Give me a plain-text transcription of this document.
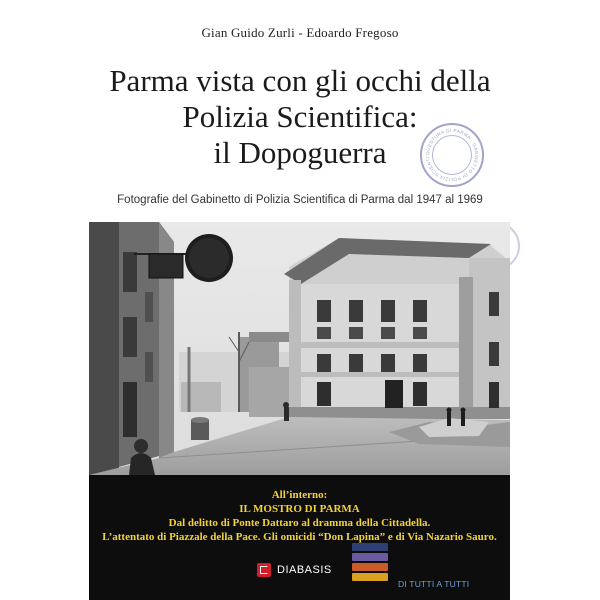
Gian Guido Zurli - Edoardo Fregoso
Parma vista con gli occhi della
Polizia Scientifica:
il Dopoguerra	QUESTURA DI PARMA · GABINETTO DI POLIZIA SCIENTI
Fotografie del Gabinetto di Polizia Scientifica di Parma dal 1947 al 1969
All’interno:
IL MOSTRO DI PARMA
Dal delitto di Ponte Dattaro al dramma della Cittadella.
L’attentato di Piazzale della Pace. Gli omicidi “Don Lapina” e di Via Nazario Sauro.
DIABASIS
DI TUTTI A TUTTI
